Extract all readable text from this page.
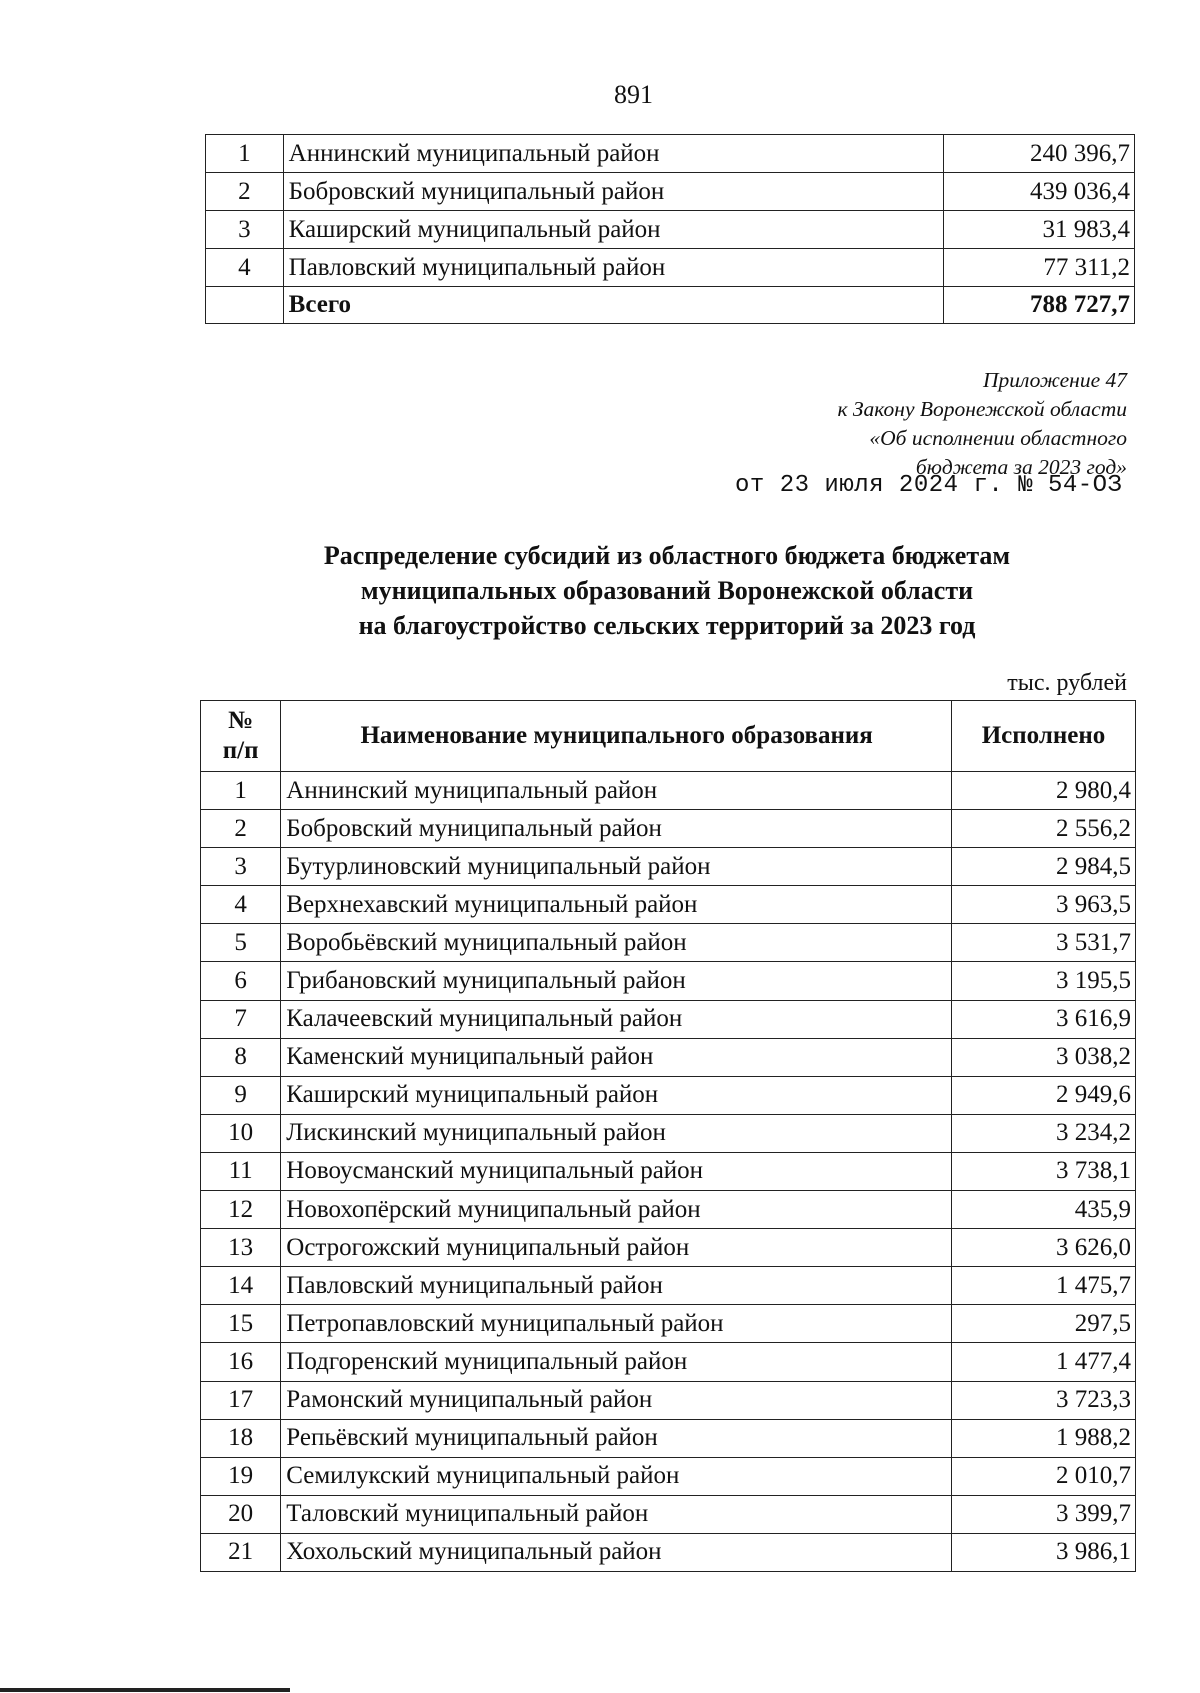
891
1	Аннинский муниципальный район	240 396,7
2	Бобровский муниципальный район	439 036,4
3	Каширский муниципальный район	31 983,4
4	Павловский муниципальный район	77 311,2
	Всего	788 727,7
Приложение 47
к Закону Воронежской области
«Об исполнении областного
бюджета за 2023 год»
от 23 июля 2024 г. № 54-ОЗ
Распределение субсидий из областного бюджета бюджетам
муниципальных образований Воронежской области
на благоустройство сельских территорий за 2023 год
тыс. рублей
№
п/п	Наименование муниципального образования	Исполнено
1	Аннинский муниципальный район	2 980,4
2	Бобровский муниципальный район	2 556,2
3	Бутурлиновский муниципальный район	2 984,5
4	Верхнехавский муниципальный район	3 963,5
5	Воробьёвский муниципальный район	3 531,7
6	Грибановский муниципальный район	3 195,5
7	Калачеевский муниципальный район	3 616,9
8	Каменский муниципальный район	3 038,2
9	Каширский муниципальный район	2 949,6
10	Лискинский муниципальный район	3 234,2
11	Новоусманский муниципальный район	3 738,1
12	Новохопёрский муниципальный район	435,9
13	Острогожский муниципальный район	3 626,0
14	Павловский муниципальный район	1 475,7
15	Петропавловский муниципальный район	297,5
16	Подгоренский муниципальный район	1 477,4
17	Рамонский муниципальный район	3 723,3
18	Репьёвский муниципальный район	1 988,2
19	Семилукский муниципальный район	2 010,7
20	Таловский муниципальный район	3 399,7
21	Хохольский муниципальный район	3 986,1
